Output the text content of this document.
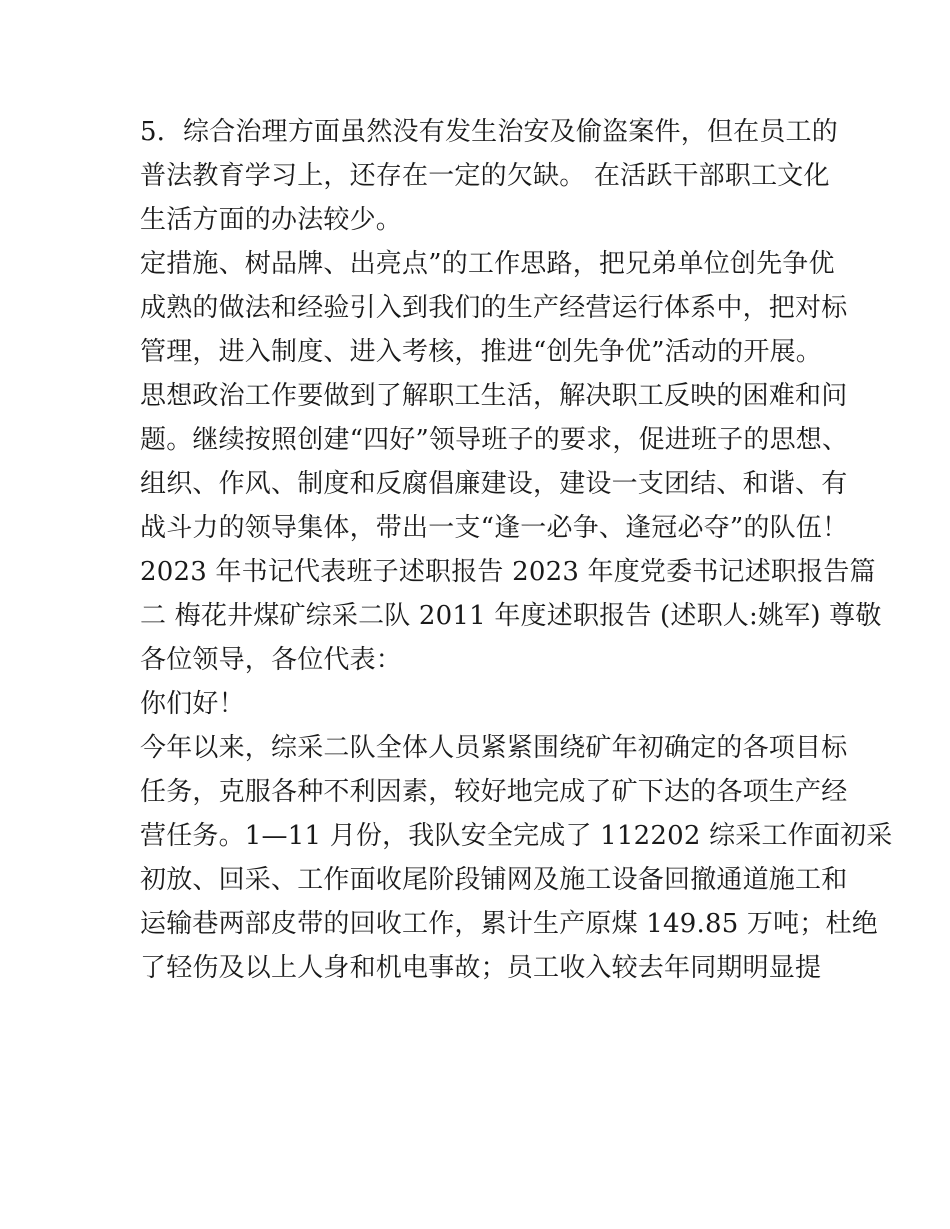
5．综合治理方面虽然没有发生治安及偷盗案件，但在员工的
普法教育学习上，还存在一定的欠缺。 在活跃干部职工文化
生活方面的办法较少。
定措施、树品牌、出亮点”的工作思路，把兄弟单位创先争优
成熟的做法和经验引入到我们的生产经营运行体系中，把对标
管理，进入制度、进入考核，推进“创先争优”活动的开展。
思想政治工作要做到了解职工生活，解决职工反映的困难和问
题。继续按照创建“四好”领导班子的要求，促进班子的思想、
组织、作风、制度和反腐倡廉建设，建设一支团结、和谐、有
战斗力的领导集体，带出一支“逢一必争、逢冠必夺”的队伍！
2023 年书记代表班子述职报告 2023 年度党委书记述职报告篇
二 梅花井煤矿综采二队 2011 年度述职报告 (述职人:姚军) 尊敬
各位领导，各位代表：
你们好！
今年以来，综采二队全体人员紧紧围绕矿年初确定的各项目标
任务，克服各种不利因素，较好地完成了矿下达的各项生产经
营任务。1—11 月份，我队安全完成了 112202 综采工作面初采
初放、回采、工作面收尾阶段铺网及施工设备回撤通道施工和
运输巷两部皮带的回收工作，累计生产原煤 149.85 万吨；杜绝
了轻伤及以上人身和机电事故；员工收入较去年同期明显提
